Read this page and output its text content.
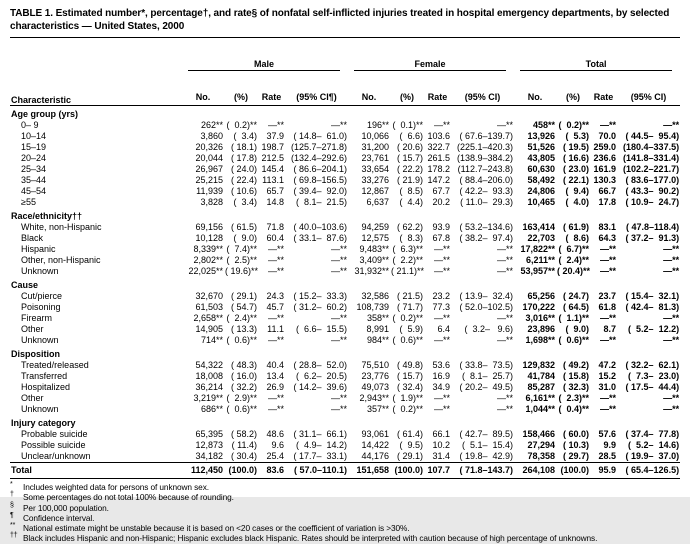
TABLE 1. Estimated number*, percentage†, and rate§ of nonfatal self-inflicted injuries treated in hospital emergency departments, by selected characteristics — United States, 2000
Characteristic	Male				Female				Total			

	No.	(%)	Rate	(95% CI¶)	No.	(%)	Rate	(95% CI)	No.	(%)	Rate	(95% CI)
Age group (yrs)												
0– 9	262**	(  0.2)**	—**	—**	196**	(  0.1)**	—**	—**	458**	(  0.2)**	—**	—**
10–14	3,860	(  3.4)	37.9	( 14.8–  61.0)	10,066	(  6.6)	103.6	( 67.6–139.7)	13,926	(  5.3)	70.0	( 44.5–  95.4)
15–19	20,326	( 18.1)	198.7	(125.7–271.8)	31,200	( 20.6)	322.7	(225.1–420.3)	51,526	( 19.5)	259.0	(180.4–337.5)
20–24	20,044	( 17.8)	212.5	(132.4–292.6)	23,761	( 15.7)	261.5	(138.9–384.2)	43,805	( 16.6)	236.6	(141.8–331.4)
25–34	26,967	( 24.0)	145.4	( 86.6–204.1)	33,654	( 22.2)	178.2	(112.7–243.8)	60,630	( 23.0)	161.9	(102.2–221.7)
35–44	25,215	( 22.4)	113.1	( 69.8–156.5)	33,276	( 21.9)	147.2	( 88.4–206.0)	58,492	( 22.1)	130.3	( 83.6–177.0)
45–54	11,939	( 10.6)	65.7	( 39.4–  92.0)	12,867	(  8.5)	67.7	( 42.2–  93.3)	24,806	(  9.4)	66.7	( 43.3–  90.2)
≥55	3,828	(  3.4)	14.8	(  8.1–  21.5)	6,637	(  4.4)	20.2	( 11.0–  29.3)	10,465	(  4.0)	17.8	( 10.9–  24.7)
Race/ethnicity††												
White, non-Hispanic	69,156	( 61.5)	71.8	( 40.0–103.6)	94,259	( 62.2)	93.9	( 53.2–134.6)	163,414	( 61.9)	83.1	( 47.8–118.4)
Black	10,128	(  9.0)	60.4	( 33.1–  87.6)	12,575	(  8.3)	67.8	( 38.2–  97.4)	22,703	(  8.6)	64.3	( 37.2–  91.3)
Hispanic	8,339**	(  7.4)**	—**	—**	9,483**	(  6.3)**	—**	—**	17,822**	(  6.7)**	—**	—**
Other, non-Hispanic	2,802**	(  2.5)**	—**	—**	3,409**	(  2.2)**	—**	—**	6,211**	(  2.4)**	—**	—**
Unknown	22,025**	( 19.6)**	—**	—**	31,932**	( 21.1)**	—**	—**	53,957**	( 20.4)**	—**	—**
Cause												
Cut/pierce	32,670	( 29.1)	24.3	( 15.2–  33.3)	32,586	( 21.5)	23.2	( 13.9–  32.4)	65,256	( 24.7)	23.7	( 15.4–  32.1)
Poisoning	61,503	( 54.7)	45.7	( 31.2–  60.2)	108,739	( 71.7)	77.3	( 52.0–102.5)	170,222	( 64.5)	61.8	( 42.4–  81.3)
Firearm	2,658**	(  2.4)**	—**	—**	358**	(  0.2)**	—**	—**	3,016**	(  1.1)**	—**	—**
Other	14,905	( 13.3)	11.1	(  6.6–  15.5)	8,991	(  5.9)	6.4	(  3.2–   9.6)	23,896	(  9.0)	8.7	(  5.2–  12.2)
Unknown	714**	(  0.6)**	—**	—**	984**	(  0.6)**	—**	—**	1,698**	(  0.6)**	—**	—**
Disposition												
Treated/released	54,322	( 48.3)	40.4	( 28.8–  52.0)	75,510	( 49.8)	53.6	( 33.8–  73.5)	129,832	( 49.2)	47.2	( 32.2–  62.1)
Transferred	18,008	( 16.0)	13.4	(  6.2–  20.5)	23,776	( 15.7)	16.9	(  8.1–  25.7)	41,784	( 15.8)	15.2	(  7.3–  23.0)
Hospitalized	36,214	( 32.2)	26.9	( 14.2–  39.6)	49,073	( 32.4)	34.9	( 20.2–  49.5)	85,287	( 32.3)	31.0	( 17.5–  44.4)
Other	3,219**	(  2.9)**	—**	—**	2,943**	(  1.9)**	—**	—**	6,161**	(  2.3)**	—**	—**
Unknown	686**	(  0.6)**	—**	—**	357**	(  0.2)**	—**	—**	1,044**	(  0.4)**	—**	—**
Injury category												
Probable suicide	65,395	( 58.2)	48.6	( 31.1–  66.1)	93,061	( 61.4)	66.1	( 42.7–  89.5)	158,466	( 60.0)	57.6	( 37.4–  77.8)
Possible suicide	12,873	( 11.4)	9.6	(  4.9–  14.2)	14,422	(  9.5)	10.2	(  5.1–  15.4)	27,294	( 10.3)	9.9	(  5.2–  14.6)
Unclear/unknown	34,182	( 30.4)	25.4	( 17.7–  33.1)	44,176	( 29.1)	31.4	( 19.8–  42.9)	78,358	( 29.7)	28.5	( 19.9–  37.0)
Total	112,450	(100.0)	83.6	( 57.0–110.1)	151,658	(100.0)	107.7	( 71.8–143.7)	264,108	(100.0)	95.9	( 65.4–126.5)
*	Includes weighted data for persons of unknown sex.
†	Some percentages do not total 100% because of rounding.
§	Per 100,000 population.
¶	Confidence interval.
** National estimate might be unstable because it is based on <20 cases or the coefficient of variation is >30%.
†† Black includes Hispanic and non-Hispanic; Hispanic excludes black Hispanic. Rates should be interpreted with caution because of high percentage of unknowns.
